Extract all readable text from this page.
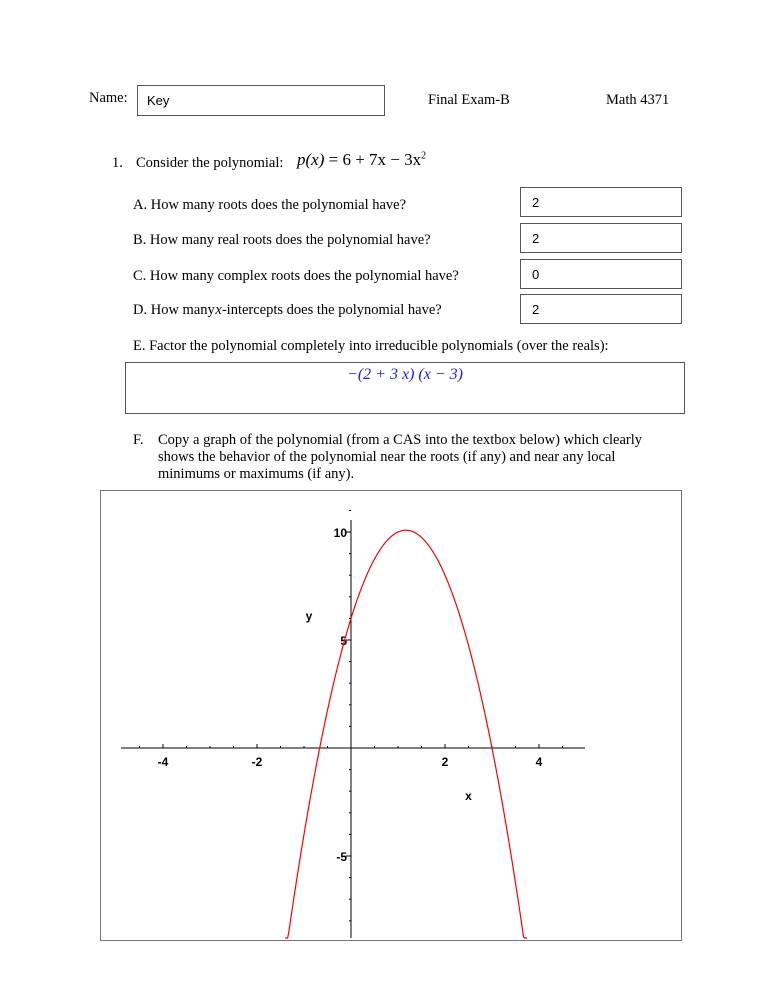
Name: Key	Final Exam-B	Math 4371
1. Consider the polynomial: $p(x) = 6 + 7x - 3x^2$
A. How many roots does the polynomial have?	2
B. How many real roots does the polynomial have?	2
C. How many complex roots does the polynomial have?	0
D. How many x-intercepts does the polynomial have?	2
E. Factor the polynomial completely into irreducible polynomials (over the reals):
−(2 + 3 x) (x − 3)
F. Copy a graph of the polynomial (from a CAS into the textbox below) which clearly
shows the behavior of the polynomial near the roots (if any) and near any local
minimums or maximums (if any).
-4	-2	2	4
10
5
-5
x
y
